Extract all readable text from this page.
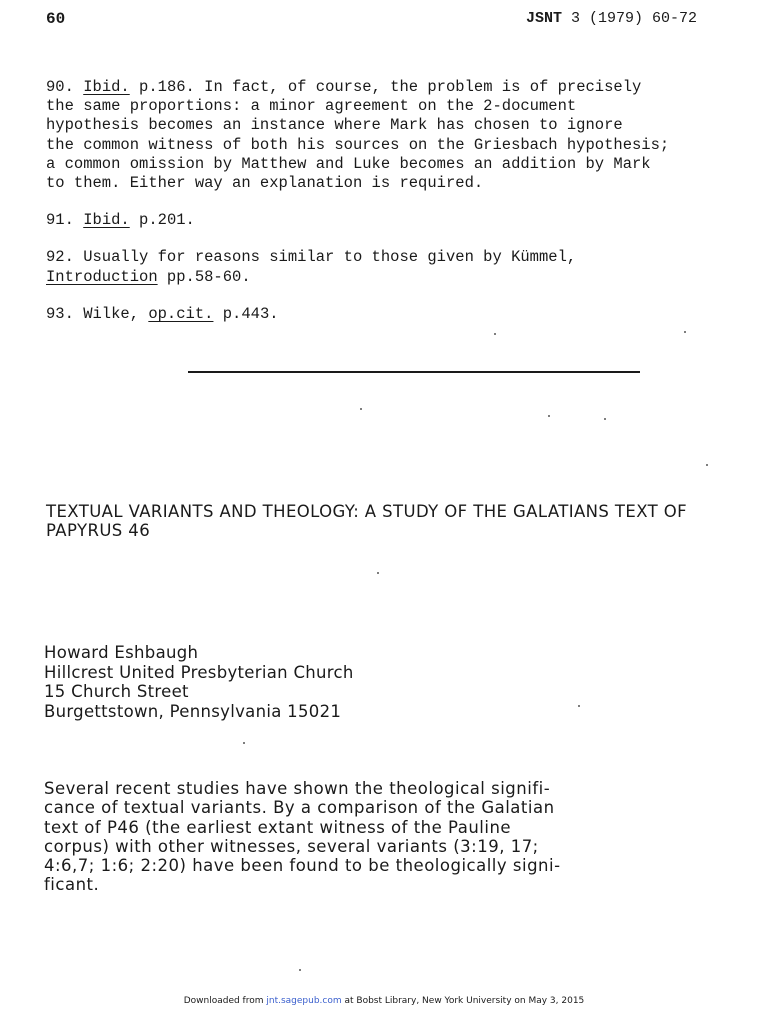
60	JSNT 3 (1979) 60-72
90. Ibid. p.186. In fact, of course, the problem is of precisely
the same proportions: a minor agreement on the 2-document
hypothesis becomes an instance where Mark has chosen to ignore
the common witness of both his sources on the Griesbach hypothesis;
a common omission by Matthew and Luke becomes an addition by Mark
to them. Either way an explanation is required.
91. Ibid. p.201.
92. Usually for reasons similar to those given by Kümmel,
Introduction pp.58-60.
93. Wilke, op.cit. p.443.
TEXTUAL VARIANTS AND THEOLOGY: A STUDY OF THE GALATIANS TEXT OF
PAPYRUS 46
Howard Eshbaugh
Hillcrest United Presbyterian Church
15 Church Street
Burgettstown, Pennsylvania 15021
Several recent studies have shown the theological signifi-
cance of textual variants. By a comparison of the Galatian
text of P46 (the earliest extant witness of the Pauline
corpus) with other witnesses, several variants (3:19, 17;
4:6,7; 1:6; 2:20) have been found to be theologically signi-
ficant.
Downloaded from jnt.sagepub.com at Bobst Library, New York University on May 3, 2015
